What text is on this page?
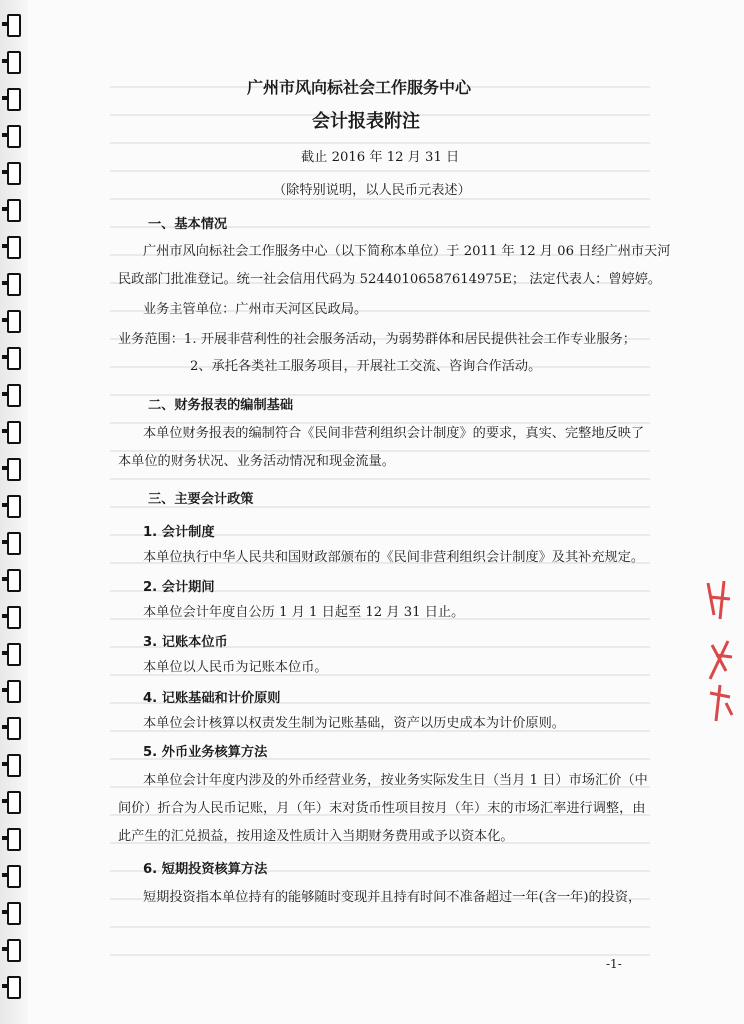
广州市风向标社会工作服务中心
会计报表附注
截止 2016 年 12 月 31 日
（除特别说明，以人民币元表述）
一、基本情况
广州市风向标社会工作服务中心（以下简称本单位）于 2011 年 12 月 06 日经广州市天河
民政部门批准登记。统一社会信用代码为 52440106587614975E； 法定代表人：曾婷婷。
业务主管单位：广州市天河区民政局。
业务范围：1. 开展非营利性的社会服务活动，为弱势群体和居民提供社会工作专业服务；
2、承托各类社工服务项目，开展社工交流、咨询合作活动。
二、财务报表的编制基础
本单位财务报表的编制符合《民间非营利组织会计制度》的要求，真实、完整地反映了
本单位的财务状况、业务活动情况和现金流量。
三、主要会计政策
1. 会计制度
本单位执行中华人民共和国财政部颁布的《民间非营利组织会计制度》及其补充规定。
2. 会计期间
本单位会计年度自公历 1 月 1 日起至 12 月 31 日止。
3. 记账本位币
本单位以人民币为记账本位币。
4. 记账基础和计价原则
本单位会计核算以权责发生制为记账基础，资产以历史成本为计价原则。
5. 外币业务核算方法
本单位会计年度内涉及的外币经营业务，按业务实际发生日（当月 1 日）市场汇价（中
间价）折合为人民币记账，月（年）末对货币性项目按月（年）末的市场汇率进行调整，由
此产生的汇兑损益，按用途及性质计入当期财务费用或予以资本化。
6. 短期投资核算方法
短期投资指本单位持有的能够随时变现并且持有时间不准备超过一年(含一年)的投资，
-1-
